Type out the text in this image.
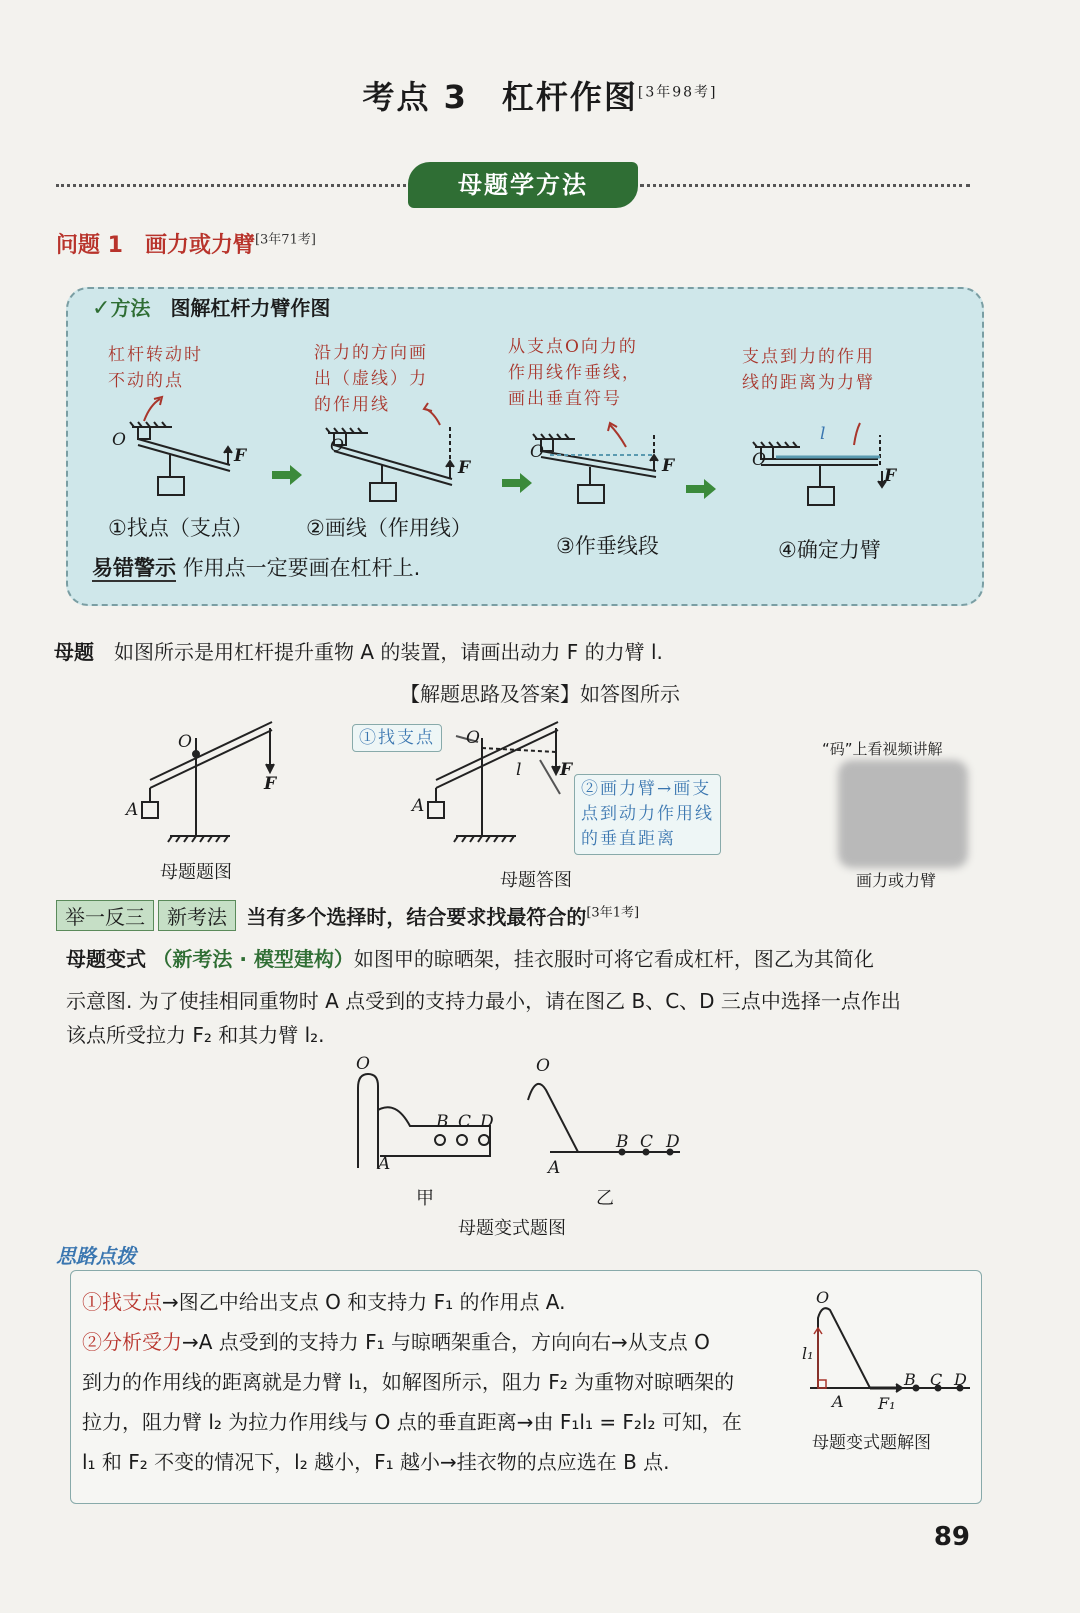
考点 3　杠杆作图[3年98考]
母题学方法
问题 1　画力或力臂[3年71考]
✓方法　 图解杠杆力臂作图
杠杆转动时
不动的点
沿力的方向画
出（虚线）力
的作用线
从支点O向力的
作用线作垂线，
画出垂直符号
支点到力的作用
线的距离为力臂
O
F	O
F
O
F	O
l
F
①找点（支点）	②画线（作用线）
③作垂线段	④确定力臂
易错警示 作用点一定要画在杠杆上.
母题　 如图所示是用杠杆提升重物 A 的装置，请画出动力 F 的力臂 l.
【解题思路及答案】如答图所示
O
F
A
O
l F
A
①找支点
②画力臂→画支
点到动力作用线
的垂直距离
母题题图	母题答图
“码”上看视频讲解
画力或力臂
举一反三 新考法 当有多个选择时，结合要求找最符合的[3年1考]
母题变式 （新考法 · 模型建构）如图甲的晾晒架，挂衣服时可将它看成杠杆，图乙为其简化
示意图. 为了使挂相同重物时 A 点受到的支持力最小，请在图乙 B、C、D 三点中选择一点作出
该点所受拉力 F₂ 和其力臂 l₂.
O
B C D
A
O
B C D
A
甲	乙
母题变式题图
思路点拨
①找支点→图乙中给出支点 O 和支持力 F₁ 的作用点 A.
②分析受力→A 点受到的支持力 F₁ 与晾晒架重合，方向向右→从支点 O
到力的作用线的距离就是力臂 l₁，如解图所示，阻力 F₂ 为重物对晾晒架的
拉力，阻力臂 l₂ 为拉力作用线与 O 点的垂直距离→由 F₁l₁ = F₂l₂ 可知，在
l₁ 和 F₂ 不变的情况下，l₂ 越小，F₁ 越小→挂衣物的点应选在 B 点.
O
l₁
B C D
A F₁
母题变式题解图
89
